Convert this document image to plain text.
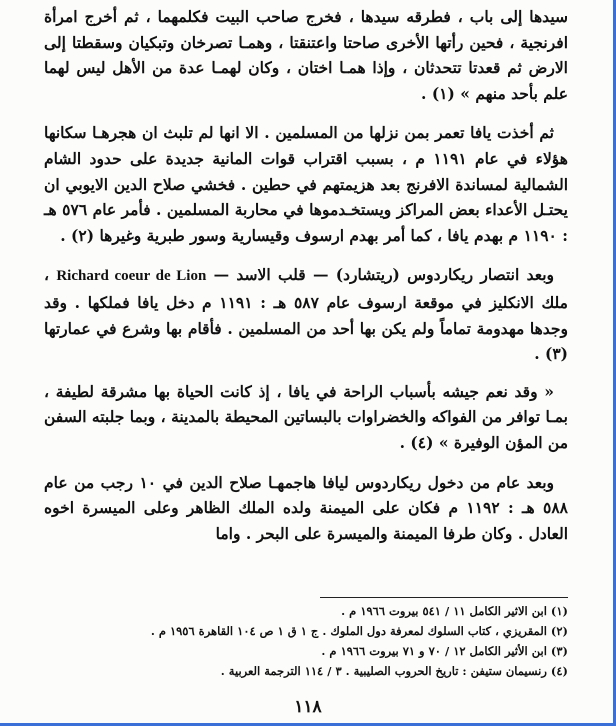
سيدها إلى باب ، فطرقه سيدها ، فخرج صاحب البيت فكلمهما ، ثم أخرج امرأة افرنجية ، فحين رأتها الأخرى صاحتا واعتنقتا ، وهمـا تصرخان وتبكيان وسقطتا إلى الارض ثم قعدتا تتحدثان ، وإذا همـا اختان ، وكان لهمـا عدة من الأهل ليس لهما علم بأحد منهم » (١) .

ثم أخذت يافا تعمر بمن نزلها من المسلمين . الا انها لم تلبث ان هجرهـا سكانها هؤلاء في عام ١١٩١ م ، بسبب اقتراب قوات المانية جديدة على حدود الشام الشمالية لمساندة الافرنج بعد هزيمتهم في حطين . فخشي صلاح الدين الايوبي ان يحتـل الأعداء بعض المراكز ويستخـدموها في محاربة المسلمين . فأمر عام ٥٧٦ هـ : ١١٩٠ م بهدم يافا ، كما أمر بهدم ارسوف وقيسارية وسور طبرية وغيرها (٢) .

وبعد انتصار ريكاردوس (ريتشارد) — قلب الاسد — Richard coeur de Lion ، ملك الانكليز في موقعة ارسوف عام ٥٨٧ هـ : ١١٩١ م دخل يافا فملكها . وقد وجدها مهدومة تماماً ولم يكن بها أحد من المسلمين . فأقام بها وشرع في عمارتها (٣) .

« وقد نعم جيشه بأسباب الراحة في يافا ، إذ كانت الحياة بها مشرقة لطيفة ، بمـا توافر من الفواكه والخضراوات بالبساتين المحيطة بالمدينة ، وبما جلبته السفن من المؤن الوفيرة » (٤) .

وبعد عام من دخول ريكاردوس ليافا هاجمهـا صلاح الدين في ١٠ رجب من عام ٥٨٨ هـ : ١١٩٢ م فكان على الميمنة ولده الملك الظاهر وعلى الميسرة اخوه العادل . وكان طرفا الميمنة والميسرة على البحر . واما

(١) ابن الاثير الكامل ١١ / ٥٤١ بيروت ١٩٦٦ م .

(٢) المقريزي ، كتاب السلوك لمعرفة دول الملوك . ج ١ ق ١ ص ١٠٤ القاهرة ١٩٥٦ م .

(٣) ابن الأثير الكامل ١٢ / ٧٠ و ٧١ بيروت ١٩٦٦ م .

(٤) رنسيمان ستيفن : تاريخ الحروب الصليبية . ٣ / ١١٤ الترجمة العربية .

١١٨
